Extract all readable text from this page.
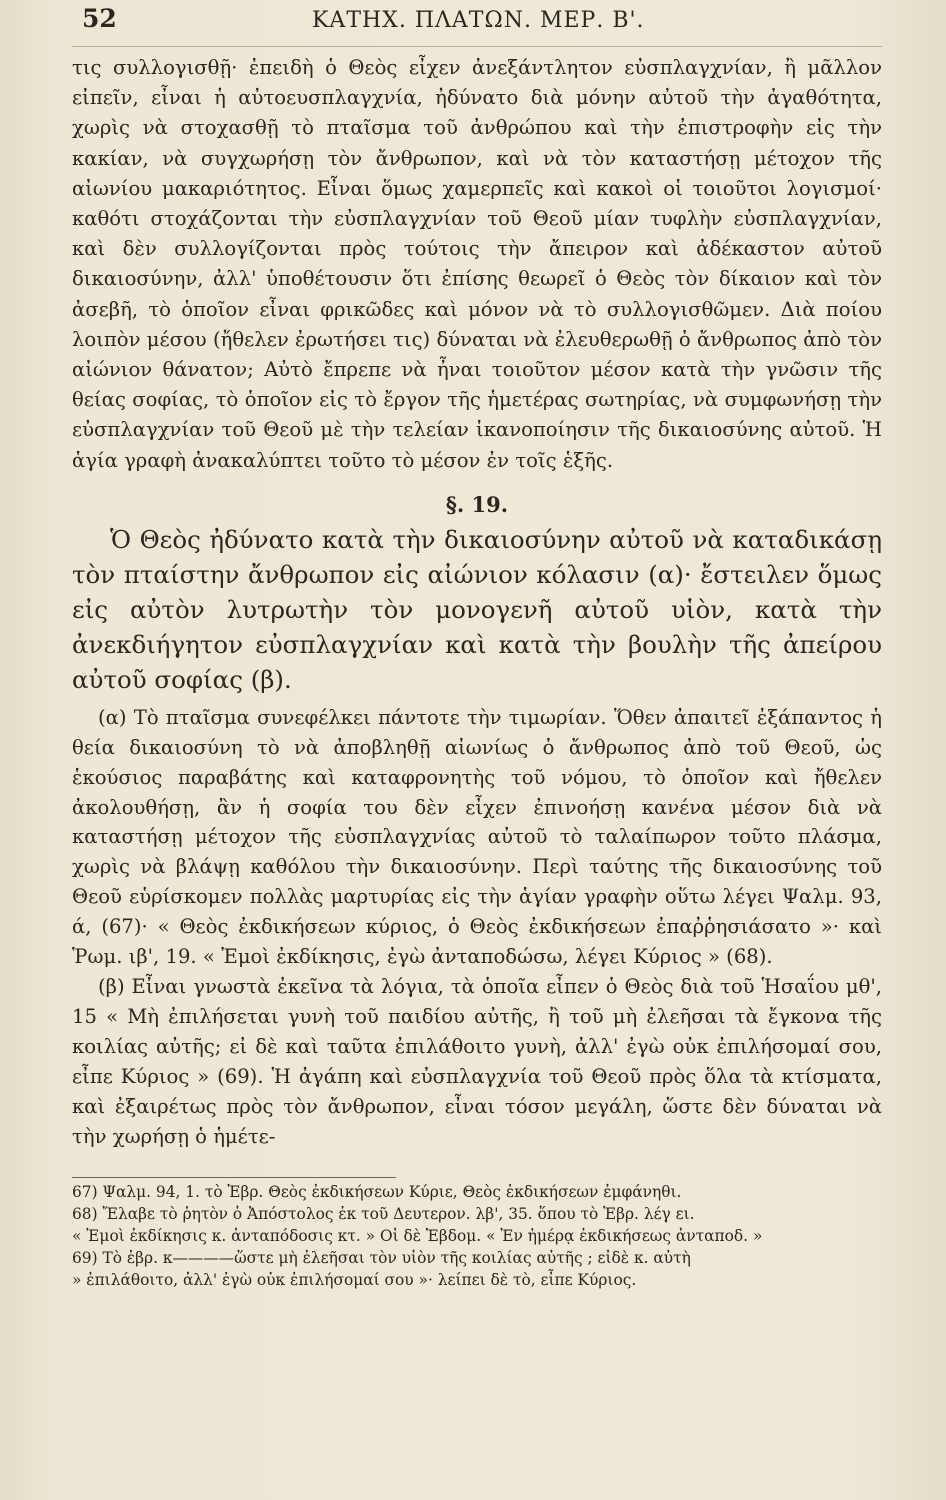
52	ΚΑΤΗΧ. ΠΛΑΤΩΝ. ΜΕΡ. Β'.

τις συλλογισθῇ· ἐπειδὴ ὁ Θεὸς εἶχεν ἀνεξάντλητον εὐσπλαγχνίαν, ἢ μᾶλλον εἰπεῖν, εἶναι ἡ αὐτοευσπλαγχνία, ἠδύνατο διὰ μόνην αὐτοῦ τὴν ἀγαθότητα, χωρὶς νὰ στοχασθῇ τὸ πταῖσμα τοῦ ἀνθρώπου καὶ τὴν ἐπιστροφὴν εἰς τὴν κακίαν, νὰ συγχωρήσῃ τὸν ἄνθρωπον, καὶ νὰ τὸν καταστήσῃ μέτοχον τῆς αἰωνίου μακαριότητος. Εἶναι ὅμως χαμερπεῖς καὶ κακοὶ οἱ τοιοῦτοι λογισμοί· καθότι στοχάζονται τὴν εὐσπλαγχνίαν τοῦ Θεοῦ μίαν τυφλὴν εὐσπλαγχνίαν, καὶ δὲν συλλογίζονται πρὸς τούτοις τὴν ἄπειρον καὶ ἀδέκαστον αὐτοῦ δικαιοσύνην, ἀλλ' ὑποθέτουσιν ὅτι ἐπίσης θεωρεῖ ὁ Θεὸς τὸν δίκαιον καὶ τὸν ἀσεβῆ, τὸ ὁποῖον εἶναι φρικῶδες καὶ μόνον νὰ τὸ συλλογισθῶμεν. Διὰ ποίου λοιπὸν μέσου (ἤθελεν ἐρωτήσει τις) δύναται νὰ ἐλευθερωθῇ ὁ ἄνθρωπος ἀπὸ τὸν αἰώνιον θάνατον; Αὐτὸ ἔπρεπε νὰ ἦναι τοιοῦτον μέσον κατὰ τὴν γνῶσιν τῆς θείας σοφίας, τὸ ὁποῖον εἰς τὸ ἔργον τῆς ἡμετέρας σωτηρίας, νὰ συμφωνήσῃ τὴν εὐσπλαγχνίαν τοῦ Θεοῦ μὲ τὴν τελείαν ἱκανοποίησιν τῆς δικαιοσύνης αὐτοῦ. Ἡ ἁγία γραφὴ ἀνακαλύπτει τοῦτο τὸ μέσον ἐν τοῖς ἑξῆς.

§. 19.

Ὁ Θεὸς ἠδύνατο κατὰ τὴν δικαιοσύνην αὐτοῦ νὰ καταδικάσῃ τὸν πταίστην ἄνθρωπον εἰς αἰώνιον κόλασιν (α)· ἔστειλεν ὅμως εἰς αὐτὸν λυτρωτὴν τὸν μονογενῆ αὐτοῦ υἱὸν, κατὰ τὴν ἀνεκδιήγητον εὐσπλαγχνίαν καὶ κατὰ τὴν βουλὴν τῆς ἀπείρου αὐτοῦ σοφίας (β).

(α) Τὸ πταῖσμα συνεφέλκει πάντοτε τὴν τιμωρίαν. Ὅθεν ἀπαιτεῖ ἐξάπαντος ἡ θεία δικαιοσύνη τὸ νὰ ἀποβληθῇ αἰωνίως ὁ ἄνθρωπος ἀπὸ τοῦ Θεοῦ, ὡς ἑκούσιος παραβάτης καὶ καταφρονητὴς τοῦ νόμου, τὸ ὁποῖον καὶ ἤθελεν ἀκολουθήσῃ, ἂν ἡ σοφία του δὲν εἶχεν ἐπινοήσῃ κανένα μέσον διὰ νὰ καταστήσῃ μέτοχον τῆς εὐσπλαγχνίας αὐτοῦ τὸ ταλαίπωρον τοῦτο πλάσμα, χωρὶς νὰ βλάψῃ καθόλου τὴν δικαιοσύνην. Περὶ ταύτης τῆς δικαιοσύνης τοῦ Θεοῦ εὑρίσκομεν πολλὰς μαρτυρίας εἰς τὴν ἁγίαν γραφὴν οὕτω λέγει Ψαλμ. 93, ά, (67)· « Θεὸς ἐκδικήσεων κύριος, ὁ Θεὸς ἐκδικήσεων ἐπαῤῥησιάσατο »· καὶ Ῥωμ. ιβ', 19. « Ἐμοὶ ἐκδίκησις, ἐγὼ ἀνταποδώσω, λέγει Κύριος » (68).

(β) Εἶναι γνωστὰ ἐκεῖνα τὰ λόγια, τὰ ὁποῖα εἶπεν ὁ Θεὸς διὰ τοῦ Ἡσαΐου μθ', 15 « Μὴ ἐπιλήσεται γυνὴ τοῦ παιδίου αὐτῆς, ἢ τοῦ μὴ ἐλεῆσαι τὰ ἔγκονα τῆς κοιλίας αὐτῆς; εἰ δὲ καὶ ταῦτα ἐπιλάθοιτο γυνὴ, ἀλλ' ἐγὼ οὐκ ἐπιλήσομαί σου, εἶπε Κύριος » (69). Ἡ ἀγάπη καὶ εὐσπλαγχνία τοῦ Θεοῦ πρὸς ὅλα τὰ κτίσματα, καὶ ἐξαιρέτως πρὸς τὸν ἄνθρωπον, εἶναι τόσον μεγάλη, ὥστε δὲν δύναται νὰ τὴν χωρήσῃ ὁ ἡμέτε-

67) Ψαλμ. 94, 1. τὸ Ἑβρ. Θεὸς ἐκδικήσεων Κύριε, Θεὸς ἐκδικήσεων ἐμφάνηθι.

68) Ἔλαβε τὸ ῥητὸν ὁ Ἀπόστολος ἐκ τοῦ Δευτερον. λβ', 35. ὅπου τὸ Ἑβρ. λέγ ει.

« Ἐμοὶ ἐκδίκησις κ. ἀνταπόδοσις κτ. » Οἱ δὲ Ἑβδομ. « Ἐν ἡμέρᾳ ἐκδικήσεως ἀνταποδ. »

69) Τὸ ἑβρ. κ————ὥστε μὴ ἐλεῆσαι τὸν υἱὸν τῆς κοιλίας αὐτῆς ; εἰδὲ κ. αὐτὴ

» ἐπιλάθοιτο, ἀλλ' ἐγὼ οὐκ ἐπιλήσομαί σου »· λείπει δὲ τὸ, εἶπε Κύριος.
